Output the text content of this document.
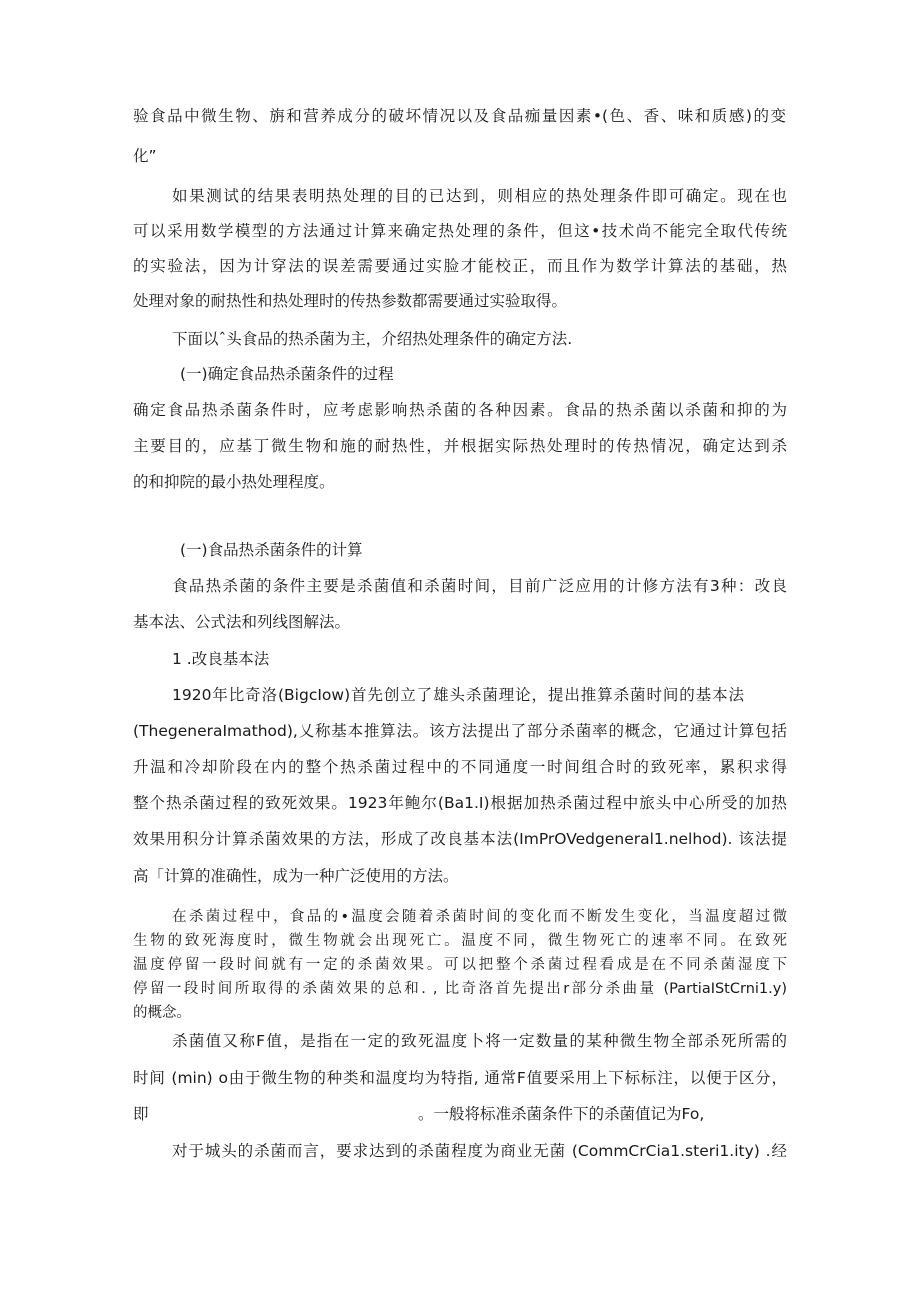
验食品中微生物、旃和营养成分的破坏情况以及食品痂量因素•(色、香、味和质感)的变

化”

如果测试的结果表明热处理的目的已达到，则相应的热处理条件即可确定。现在也

可以采用数学模型的方法通过计算来确定热处理的条件，但这•技术尚不能完全取代传统

的实验法，因为计穿法的误差需要通过实脸才能校正，而且作为数学计算法的基础，热

处理对象的耐热性和热处理时的传热参数都需要通过实验取得。

下面以ˆ头食品的热杀菌为主，介绍热处理条件的确定方法.

(一)确定食品热杀菌条件的过程

确定食品热杀菌条件时，应考虑影响热杀菌的各种因素。食品的热杀菌以杀菌和抑的为

主要目的，应基丁微生物和施的耐热性，并根据实际热处理时的传热情况，确定达到杀

的和抑院的最小热处理程度。

(一)食品热杀菌条件的计算

食品热杀菌的条件主要是杀菌值和杀菌时间，目前广泛应用的计修方法有3种：改良

基本法、公式法和列线图解法。

1 .改良基本法

1920年比奇洛(BigcIow)首先创立了雄头杀菌理论，提出推算杀菌时间的基本法

(ThegeneraImathod),乂称基本推算法。该方法提出了部分杀菌率的概念，它通过计算包括

升温和冷却阶段在内的整个热杀菌过程中的不同通度一时间组合时的致死率，累积求得

整个热杀菌过程的致死效果。1923年鲍尔(Ba1.I)根据加热杀菌过程中旅头中心所受的加热

效果用积分计算杀菌效果的方法，形成了改良基本法(ImPrOVedgeneral1.nelhod). 该法提

高「计算的准确性，成为一种广泛使用的方法。

在杀菌过程中，食品的•温度会随着杀菌时间的变化而不断发生变化，当温度超过微

生物的致死海度时，微生物就会出现死亡。温度不同，微生物死亡的速率不同。在致死

温度停留一段时间就有一定的杀菌效果。可以把整个杀菌过程看成是在不同杀菌湿度下

停留一段时间所取得的杀菌效果的总和. , 比奇洛首先提出r部分杀曲量 (PartiaIStCrni1.y)

的概念。

杀菌值又称F值，是指在一定的致死温度卜将一定数量的某种微生物全部杀死所需的

时间 (min) o由于微生物的种类和温度均为特指, 通常F值要采用上下标标注，以便于区分，

即	。一般将标准杀菌条件下的杀菌值记为Fo,

对于城头的杀菌而言，要求达到的杀菌程度为商业无菌 (CommCrCia1.steri1.ity) .经
